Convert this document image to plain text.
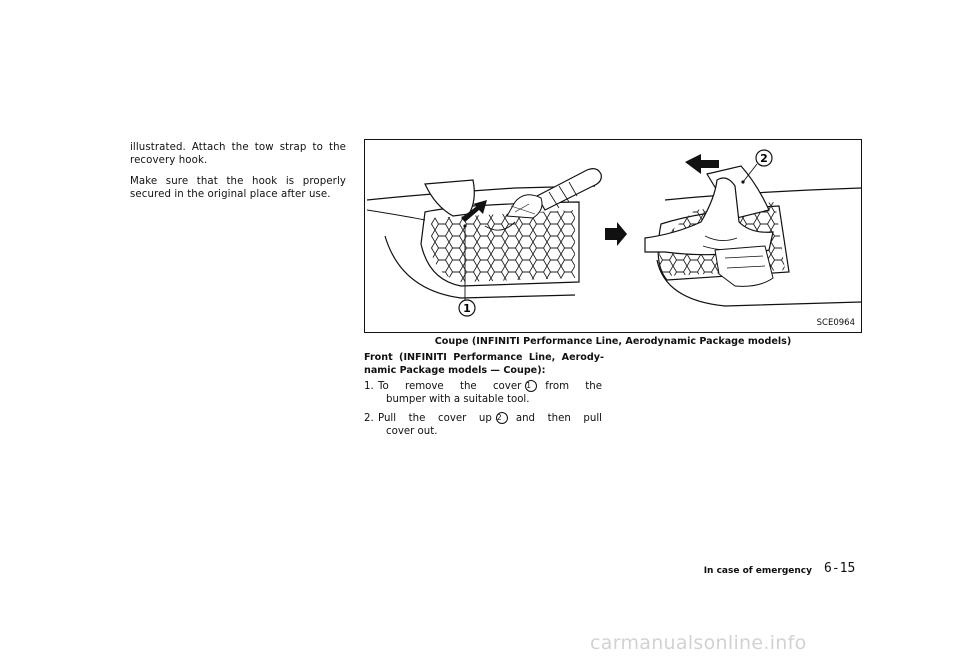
illustrated. Attach the tow strap to the
recovery hook.

Make sure that the hook is properly
secured in the original place after use.

1
2
SCE0964
Coupe (INFINITI Performance Line, Aerodynamic Package models)
Front (INFINITI Performance Line, Aerody-
namic Package models — Coupe):
1. To remove the cover 1 from the
bumper with a suitable tool.
2. Pull the cover up 2 and then pull
cover out.
In case of emergency 6-15
carmanualsonline.info
